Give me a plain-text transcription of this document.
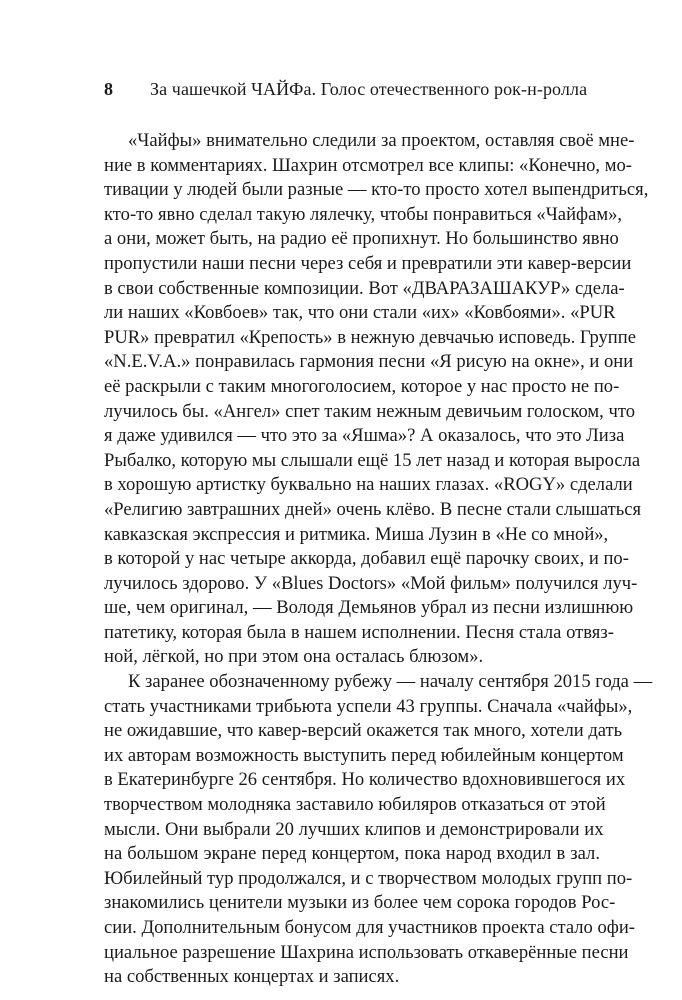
8	За чашечкой ЧАЙФа. Голос отечественного рок-н-ролла
«Чайфы» внимательно следили за проектом, оставляя своё мне-
ние в комментариях. Шахрин отсмотрел все клипы: «Конечно, мо-
тивации у людей были разные — кто-то просто хотел выпендриться,
кто-то явно сделал такую лялечку, чтобы понравиться «Чайфам»,
а они, может быть, на радио её пропихнут. Но большинство явно
пропустили наши песни через себя и превратили эти кавер-версии
в свои собственные композиции. Вот «ДВАРАЗАШАКУР» сдела-
ли наших «Ковбоев» так, что они стали «их» «Ковбоями». «PUR
PUR» превратил «Крепость» в нежную девчачью исповедь. Группе
«N.E.V.A.» понравилась гармония песни «Я рисую на окне», и они
её раскрыли с таким многоголосием, которое у нас просто не по-
лучилось бы. «Ангел» спет таким нежным девичьим голоском, что
я даже удивился — что это за «Яшма»? А оказалось, что это Лиза
Рыбалко, которую мы слышали ещё 15 лет назад и которая выросла
в хорошую артистку буквально на наших глазах. «ROGY» сделали
«Религию завтрашних дней» очень клёво. В песне стали слышаться
кавказская экспрессия и ритмика. Миша Лузин в «Не со мной»,
в которой у нас четыре аккорда, добавил ещё парочку своих, и по-
лучилось здорово. У «Blues Doctors» «Мой фильм» получился луч-
ше, чем оригинал, — Володя Демьянов убрал из песни излишнюю
патетику, которая была в нашем исполнении. Песня стала отвяз-
ной, лёгкой, но при этом она осталась блюзом».
К заранее обозначенному рубежу — началу сентября 2015 года —
стать участниками трибьюта успели 43 группы. Сначала «чайфы»,
не ожидавшие, что кавер-версий окажется так много, хотели дать
их авторам возможность выступить перед юбилейным концертом
в Екатеринбурге 26 сентября. Но количество вдохновившегося их
творчеством молодняка заставило юбиляров отказаться от этой
мысли. Они выбрали 20 лучших клипов и демонстрировали их
на большом экране перед концертом, пока народ входил в зал.
Юбилейный тур продолжался, и с творчеством молодых групп по-
знакомились ценители музыки из более чем сорока городов Рос-
сии. Дополнительным бонусом для участников проекта стало офи-
циальное разрешение Шахрина использовать откаверённые песни
на собственных концертах и записях.
